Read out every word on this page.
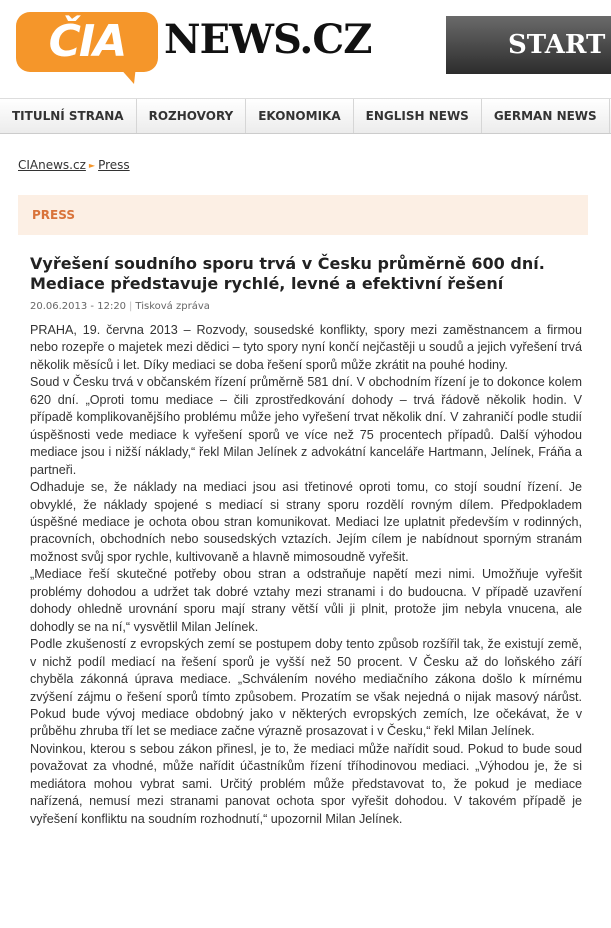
ČIA NEWS.CZ	START
TITULNÍ STRANA ROZHOVORY EKONOMIKA ENGLISH NEWS GERMAN NEWS
CIAnews.cz ► Press
PRESS
Vyřešení soudního sporu trvá v Česku průměrně 600 dní. Mediace představuje rychlé, levné a efektivní řešení
20.06.2013 - 12:20 | Tisková zpráva

PRAHA, 19. června 2013 – Rozvody, sousedské konflikty, spory mezi zaměstnancem a firmou nebo rozepře o majetek mezi dědici – tyto spory nyní končí nejčastěji u soudů a jejich vyřešení trvá několik měsíců i let. Díky mediaci se doba řešení sporů může zkrátit na pouhé hodiny.

Soud v Česku trvá v občanském řízení průměrně 581 dní. V obchodním řízení je to dokonce kolem 620 dní. „Oproti tomu mediace – čili zprostředkování dohody – trvá řádově několik hodin. V případě komplikovanějšího problému může jeho vyřešení trvat několik dní. V zahraničí podle studií úspěšnosti vede mediace k vyřešení sporů ve více než 75 procentech případů. Další výhodou mediace jsou i nižší náklady,“ řekl Milan Jelínek z advokátní kanceláře Hartmann, Jelínek, Fráňa a partneři.

Odhaduje se, že náklady na mediaci jsou asi třetinové oproti tomu, co stojí soudní řízení. Je obvyklé, že náklady spojené s mediací si strany sporu rozdělí rovným dílem. Předpokladem úspěšné mediace je ochota obou stran komunikovat. Mediaci lze uplatnit především v rodinných, pracovních, obchodních nebo sousedských vztazích. Jejím cílem je nabídnout sporným stranám možnost svůj spor rychle, kultivovaně a hlavně mimosoudně vyřešit.

„Mediace řeší skutečné potřeby obou stran a odstraňuje napětí mezi nimi. Umožňuje vyřešit problémy dohodou a udržet tak dobré vztahy mezi stranami i do budoucna. V případě uzavření dohody ohledně urovnání sporu mají strany větší vůli ji plnit, protože jim nebyla vnucena, ale dohodly se na ní,“ vysvětlil Milan Jelínek.

Podle zkušeností z evropských zemí se postupem doby tento způsob rozšířil tak, že existují země, v nichž podíl mediací na řešení sporů je vyšší než 50 procent. V Česku až do loňského září chyběla zákonná úprava mediace. „Schválením nového mediačního zákona došlo k mírnému zvýšení zájmu o řešení sporů tímto způsobem. Prozatím se však nejedná o nijak masový nárůst. Pokud bude vývoj mediace obdobný jako v některých evropských zemích, lze očekávat, že v průběhu zhruba tří let se mediace začne výrazně prosazovat i v Česku,“ řekl Milan Jelínek.

Novinkou, kterou s sebou zákon přinesl, je to, že mediaci může nařídit soud. Pokud to bude soud považovat za vhodné, může nařídit účastníkům řízení tříhodinovou mediaci. „Výhodou je, že si mediátora mohou vybrat sami. Určitý problém může představovat to, že pokud je mediace nařízená, nemusí mezi stranami panovat ochota spor vyřešit dohodou. V takovém případě je vyřešení konfliktu na soudním rozhodnutí,“ upozornil Milan Jelínek.
